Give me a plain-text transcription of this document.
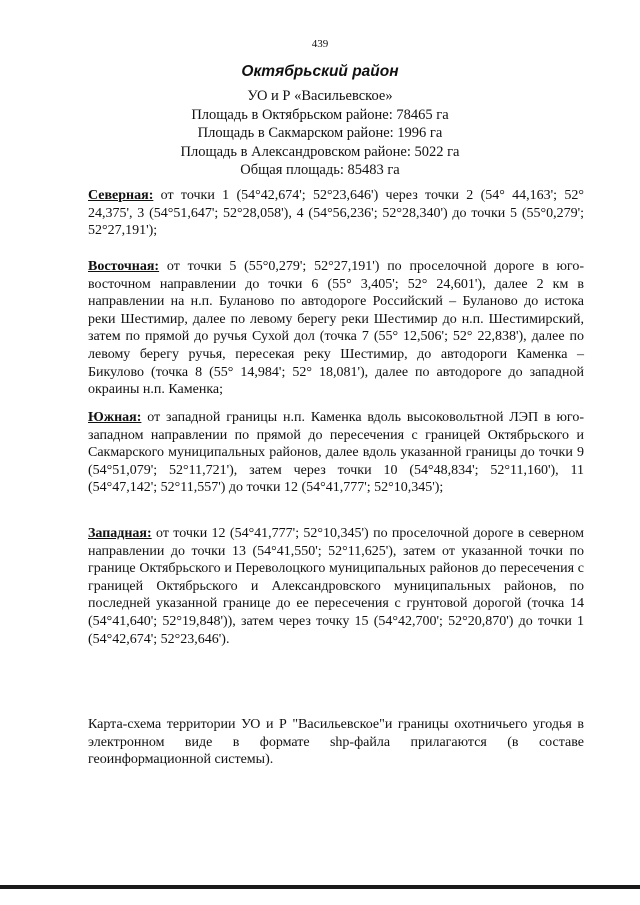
439
Октябрьский район
УО и Р «Васильевское»
Площадь в Октябрьском районе: 78465 га
Площадь в Сакмарском районе: 1996 га
Площадь в Александровском районе: 5022 га
Общая площадь: 85483 га

Северная: от точки 1 (54°42,674'; 52°23,646') через точки 2 (54° 44,163'; 52° 24,375', 3 (54°51,647'; 52°28,058'), 4 (54°56,236'; 52°28,340') до точки 5 (55°0,279'; 52°27,191');

Восточная: от точки 5 (55°0,279'; 52°27,191') по проселочной дороге в юго-восточном направлении до точки 6 (55° 3,405'; 52° 24,601'), далее 2 км в направлении на н.п. Буланово по автодороге Российский – Буланово до истока реки Шестимир, далее по левому берегу реки Шестимир до н.п. Шестимирский, затем по прямой до ручья Сухой дол (точка 7 (55° 12,506'; 52° 22,838'), далее по левому берегу ручья, пересекая реку Шестимир, до автодороги Каменка – Бикулово (точка 8 (55° 14,984'; 52° 18,081'), далее по автодороге до западной окраины н.п. Каменка;

Южная: от западной границы н.п. Каменка вдоль высоковольтной ЛЭП в юго-западном направлении по прямой до пересечения с границей Октябрьского и Сакмарского муниципальных районов, далее вдоль указанной границы до точки 9 (54°51,079'; 52°11,721'), затем через точки 10 (54°48,834'; 52°11,160'), 11 (54°47,142'; 52°11,557') до точки 12 (54°41,777'; 52°10,345');

Западная: от точки 12 (54°41,777'; 52°10,345') по проселочной дороге в северном направлении до точки 13 (54°41,550'; 52°11,625'), затем от указанной точки по границе Октябрьского и Переволоцкого муниципальных районов до пересечения с границей Октябрьского и Александровского муниципальных районов, по последней указанной границе до ее пересечения с грунтовой дорогой (точка 14 (54°41,640'; 52°19,848')), затем через точку 15 (54°42,700'; 52°20,870') до точки 1 (54°42,674'; 52°23,646').

Карта-схема территории УО и Р "Васильевское"и границы охотничьего угодья в электронном виде в формате shp-файла прилагаются (в составе геоинформационной системы).
